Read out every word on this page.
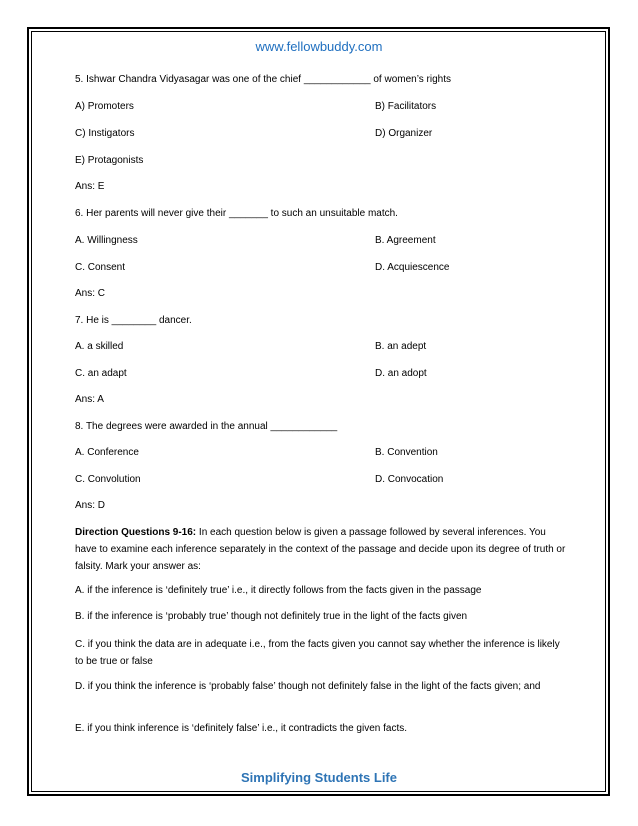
www.fellowbuddy.com
5. Ishwar Chandra Vidyasagar was one of the chief ____________ of women’s rights
A) Promoters	B) Facilitators
C) Instigators	D) Organizer
E) Protagonists
Ans: E
6. Her parents will never give their _______ to such an unsuitable match.
A. Willingness	B. Agreement
C. Consent	D. Acquiescence
Ans: C
7. He is ________ dancer.
A. a skilled	B. an adept
C. an adapt	D. an adopt
Ans: A
8. The degrees were awarded in the annual ____________
A. Conference	B. Convention
C. Convolution	D. Convocation
Ans: D
Direction Questions 9-16: In each question below is given a passage followed by several inferences. You have to examine each inference separately in the context of the passage and decide upon its degree of truth or falsity. Mark your answer as:
A. if the inference is ‘definitely true’ i.e., it directly follows from the facts given in the passage
B. if the inference is ‘probably true’ though not definitely true in the light of the facts given
C. if you think the data are in adequate i.e., from the facts given you cannot say whether the inference is likely to be true or false
D. if you think the inference is ‘probably false’ though not definitely false in the light of the facts given; and
E. if you think inference is ‘definitely false’ i.e., it contradicts the given facts.
Simplifying Students Life
